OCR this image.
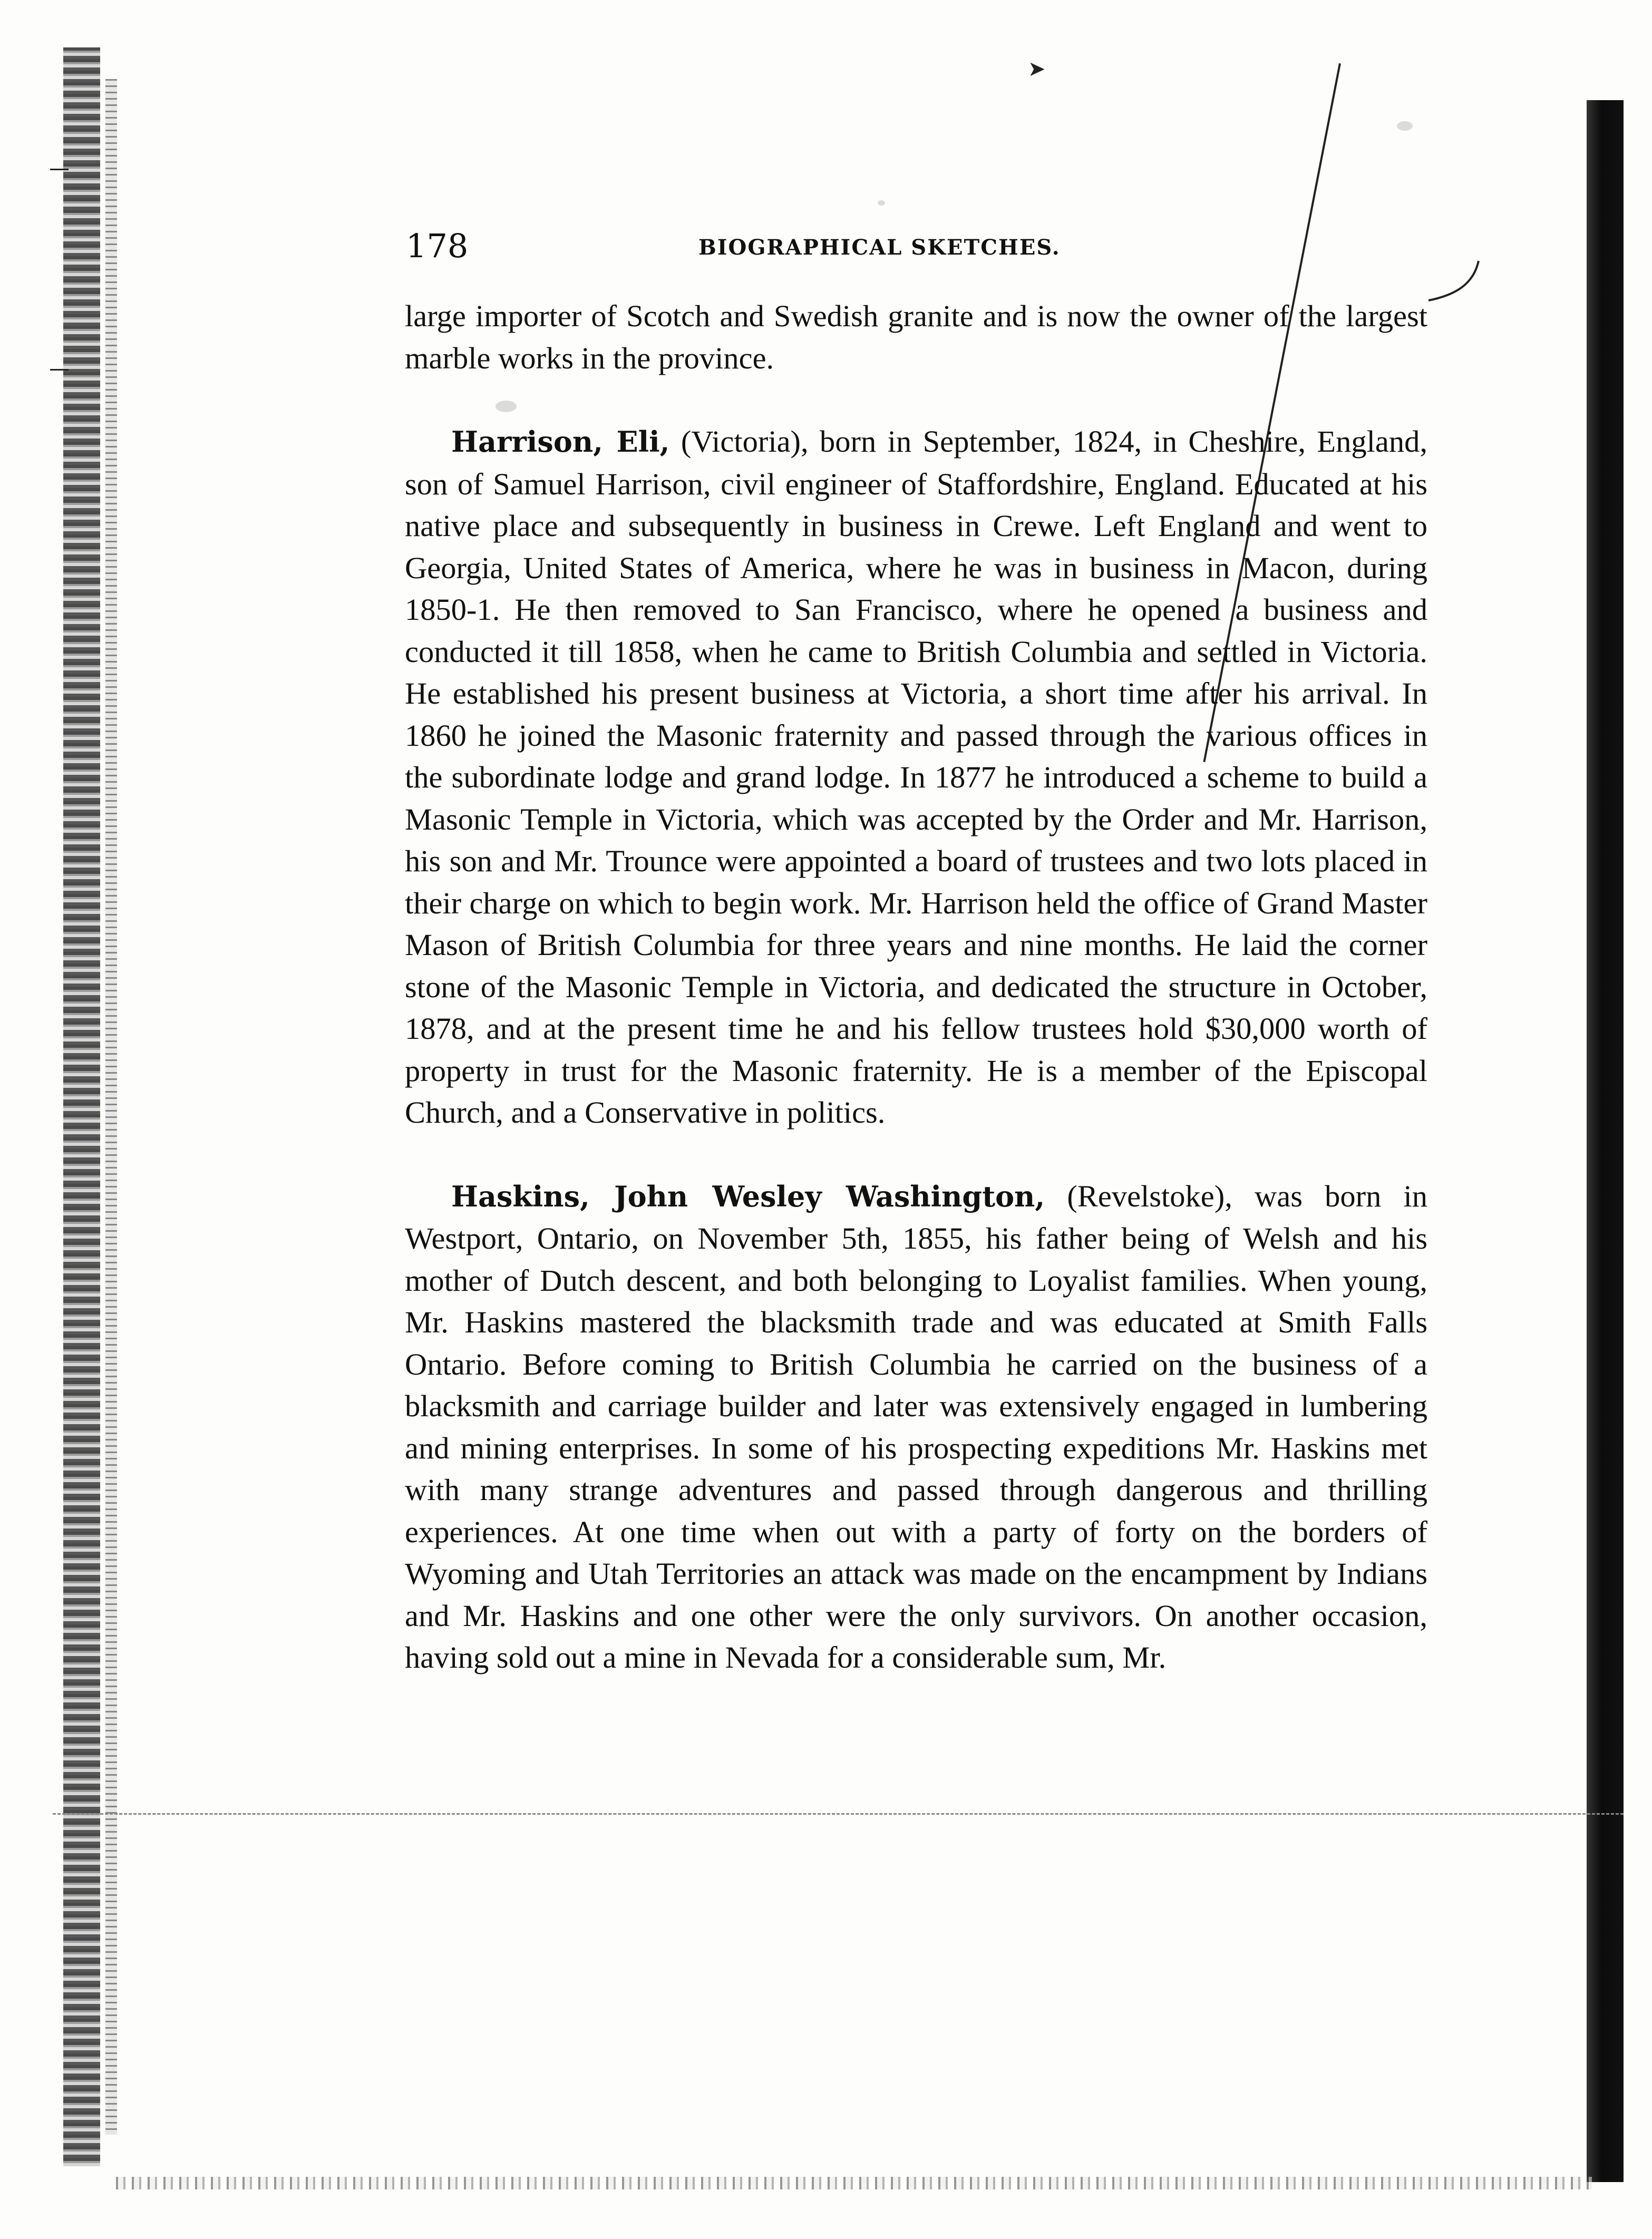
➤
178	BIOGRAPHICAL SKETCHES.

large importer of Scotch and Swedish granite and is now the owner of the largest marble works in the province.

Harrison, Eli, (Victoria), born in September, 1824, in Cheshire, England, son of Samuel Harrison, civil engineer of Staffordshire, England. Educated at his native place and subsequently in business in Crewe. Left England and went to Georgia, United States of America, where he was in business in Macon, during 1850-1. He then removed to San Francisco, where he opened a business and conducted it till 1858, when he came to British Columbia and settled in Victoria. He established his present business at Victoria, a short time after his arrival. In 1860 he joined the Masonic fraternity and passed through the various offices in the subordinate lodge and grand lodge. In 1877 he introduced a scheme to build a Masonic Temple in Victoria, which was accepted by the Order and Mr. Harrison, his son and Mr. Trounce were appointed a board of trustees and two lots placed in their charge on which to begin work. Mr. Harrison held the office of Grand Master Mason of British Columbia for three years and nine months. He laid the corner stone of the Masonic Temple in Victoria, and dedicated the structure in October, 1878, and at the present time he and his fellow trustees hold $30,000 worth of property in trust for the Masonic fraternity. He is a member of the Episcopal Church, and a Conservative in politics.

Haskins, John Wesley Washington, (Revelstoke), was born in Westport, Ontario, on November 5th, 1855, his father being of Welsh and his mother of Dutch descent, and both belonging to Loyalist families. When young, Mr. Haskins mastered the blacksmith trade and was educated at Smith Falls Ontario. Before coming to British Columbia he carried on the business of a blacksmith and carriage builder and later was extensively engaged in lumbering and mining enterprises. In some of his prospecting expeditions Mr. Haskins met with many strange adventures and passed through dangerous and thrilling experiences. At one time when out with a party of forty on the borders of Wyoming and Utah Territories an attack was made on the encampment by Indians and Mr. Haskins and one other were the only survivors. On another occasion, having sold out a mine in Nevada for a considerable sum, Mr.
